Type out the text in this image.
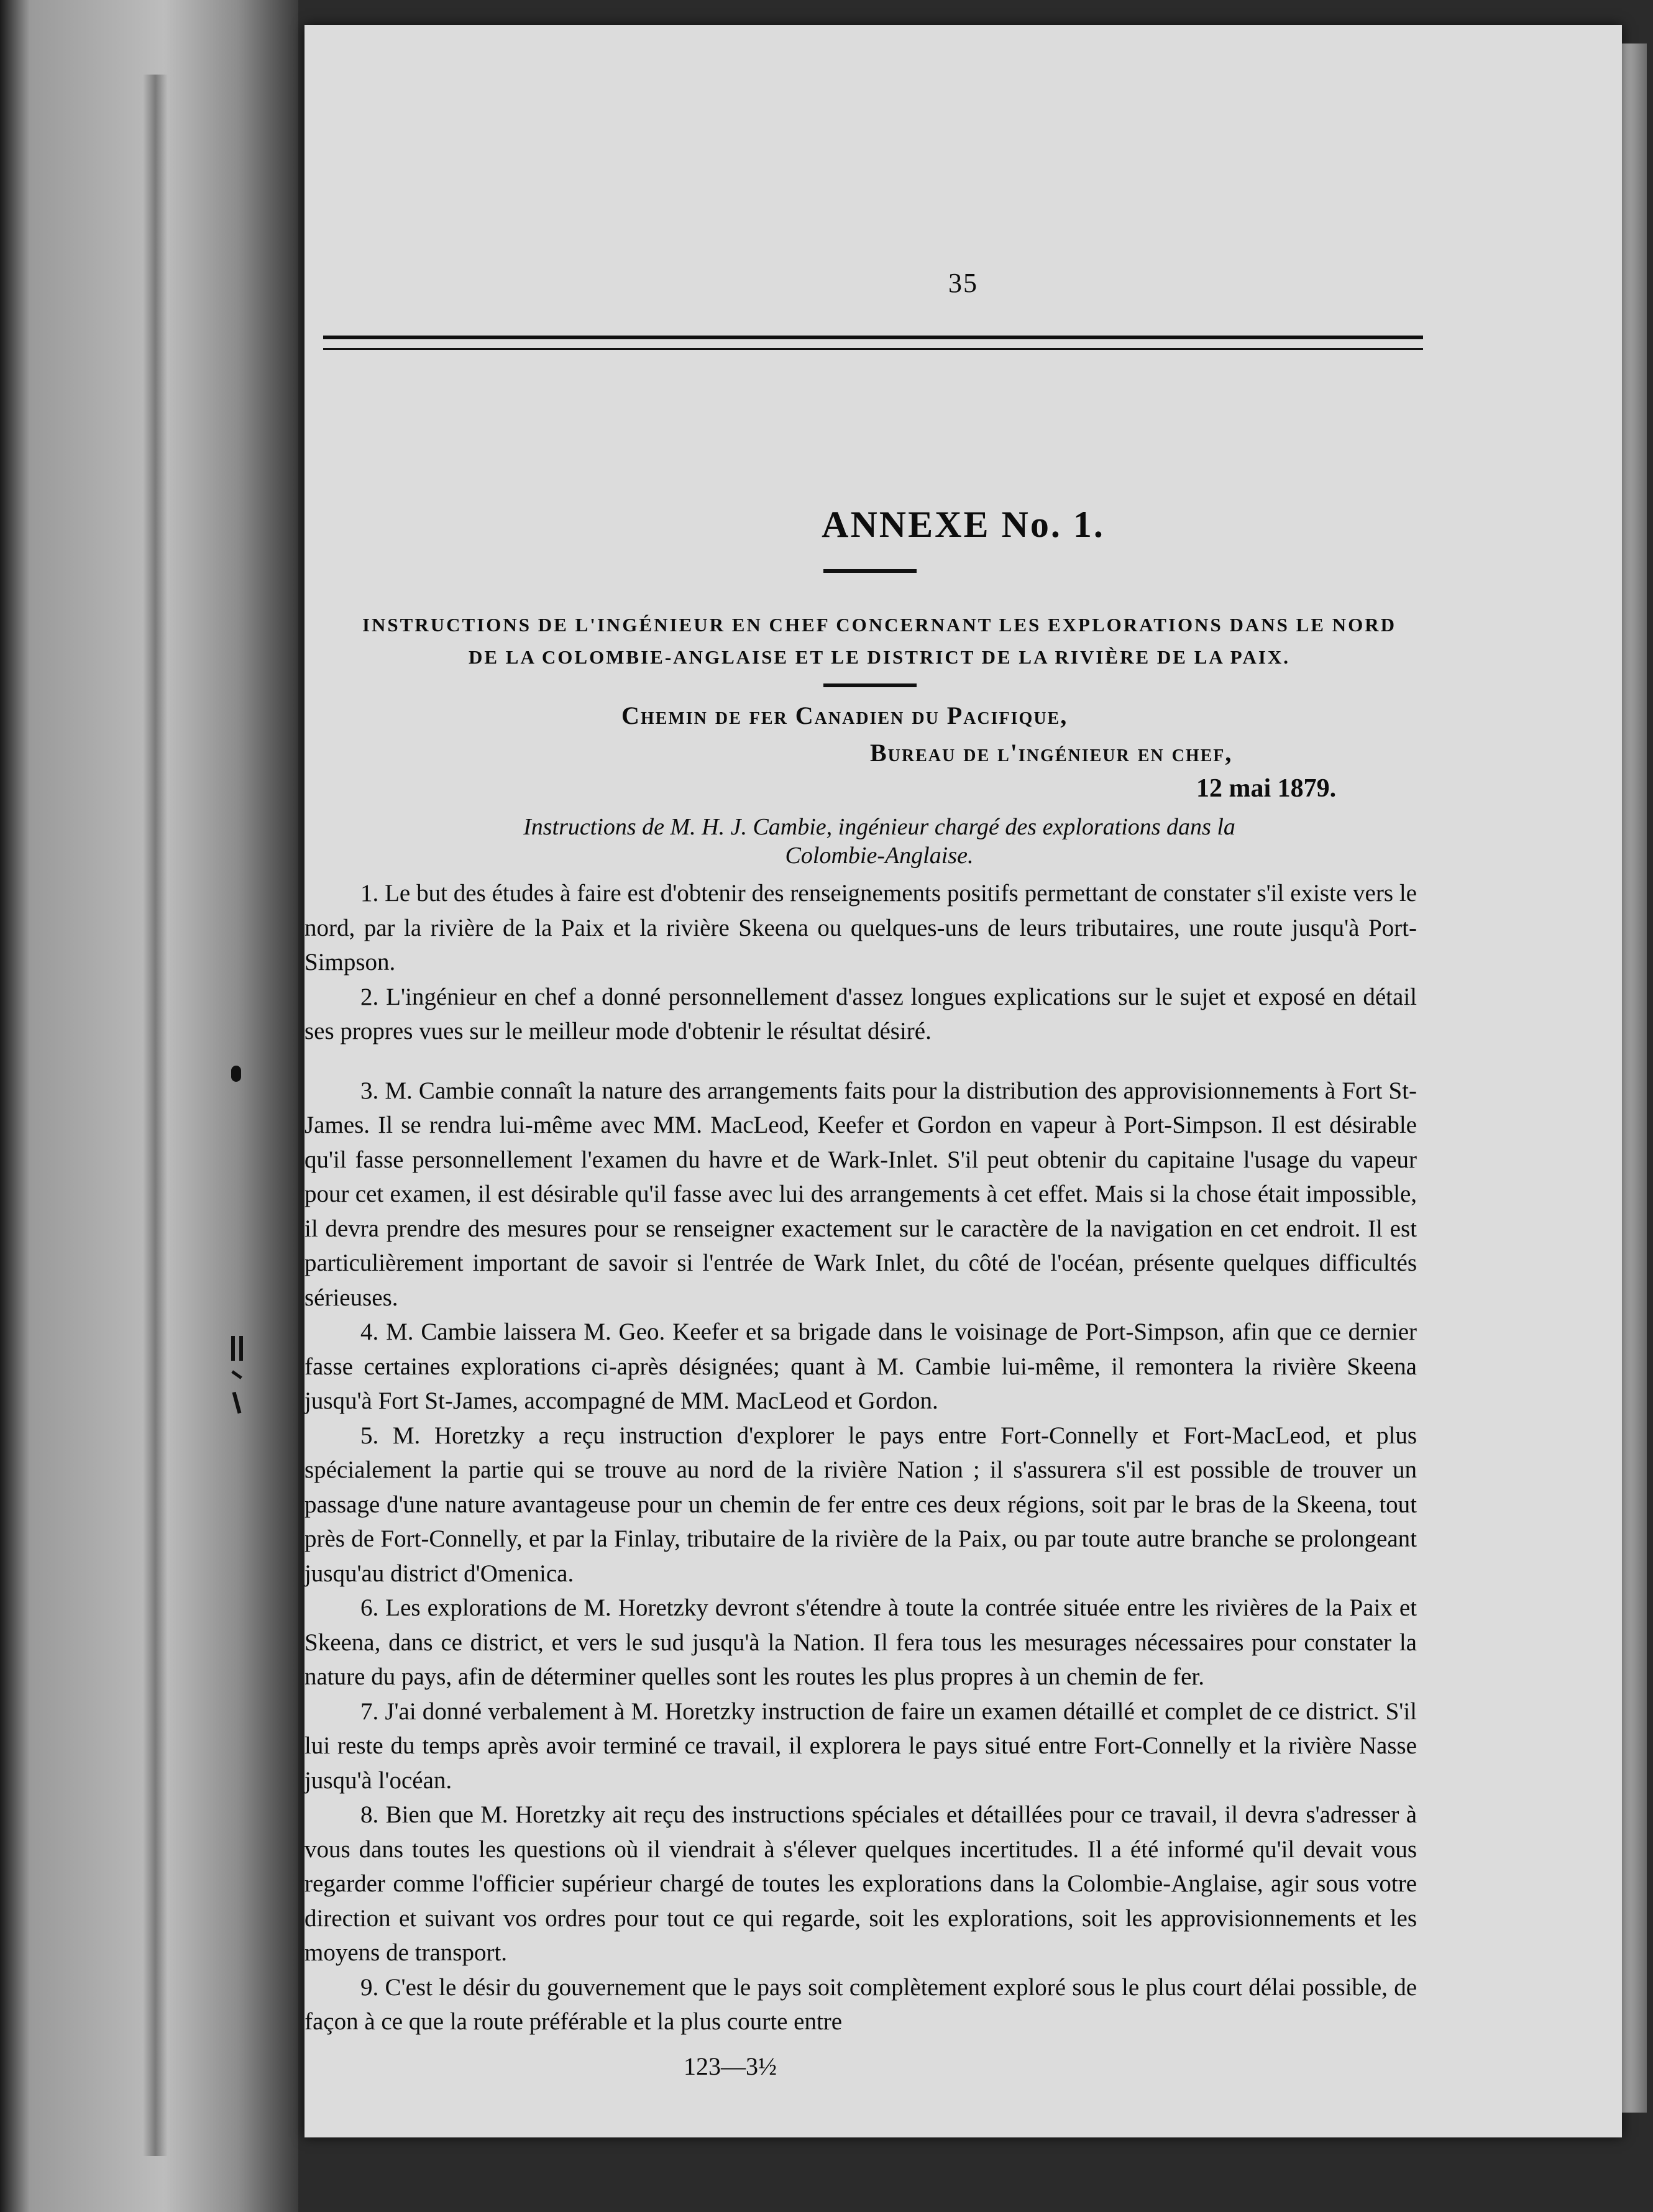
35
ANNEXE No. 1.
INSTRUCTIONS DE L'INGÉNIEUR EN CHEF CONCERNANT LES EXPLORATIONS DANS LE NORD
DE LA COLOMBIE-ANGLAISE ET LE DISTRICT DE LA RIVIÈRE DE LA PAIX.
Chemin de fer Canadien du Pacifique,
Bureau de l'ingénieur en chef,
12 mai 1879.
Instructions de M. H. J. Cambie, ingénieur chargé des explorations dans la
Colombie-Anglaise.

1. Le but des études à faire est d'obtenir des renseignements positifs permettant de constater s'il existe vers le nord, par la rivière de la Paix et la rivière Skeena ou quelques-uns de leurs tributaires, une route jusqu'à Port-Simpson.

2. L'ingénieur en chef a donné personnellement d'assez longues explications sur le sujet et exposé en détail ses propres vues sur le meilleur mode d'obtenir le résultat désiré.

3. M. Cambie connaît la nature des arrangements faits pour la distribution des approvisionnements à Fort St-James. Il se rendra lui-même avec MM. MacLeod, Keefer et Gordon en vapeur à Port-Simpson. Il est désirable qu'il fasse personnellement l'examen du havre et de Wark-Inlet. S'il peut obtenir du capitaine l'usage du vapeur pour cet examen, il est désirable qu'il fasse avec lui des arrangements à cet effet. Mais si la chose était impossible, il devra prendre des mesures pour se renseigner exactement sur le caractère de la navigation en cet endroit. Il est particulièrement important de savoir si l'entrée de Wark Inlet, du côté de l'océan, présente quelques difficultés sérieuses.

4. M. Cambie laissera M. Geo. Keefer et sa brigade dans le voisinage de Port-Simpson, afin que ce dernier fasse certaines explorations ci-après désignées; quant à M. Cambie lui-même, il remontera la rivière Skeena jusqu'à Fort St-James, accompagné de MM. MacLeod et Gordon.

5. M. Horetzky a reçu instruction d'explorer le pays entre Fort-Connelly et Fort-MacLeod, et plus spécialement la partie qui se trouve au nord de la rivière Nation ; il s'assurera s'il est possible de trouver un passage d'une nature avantageuse pour un chemin de fer entre ces deux régions, soit par le bras de la Skeena, tout près de Fort-Connelly, et par la Finlay, tributaire de la rivière de la Paix, ou par toute autre branche se prolongeant jusqu'au district d'Omenica.

6. Les explorations de M. Horetzky devront s'étendre à toute la contrée située entre les rivières de la Paix et Skeena, dans ce district, et vers le sud jusqu'à la Nation. Il fera tous les mesurages nécessaires pour constater la nature du pays, afin de déterminer quelles sont les routes les plus propres à un chemin de fer.

7. J'ai donné verbalement à M. Horetzky instruction de faire un examen détaillé et complet de ce district. S'il lui reste du temps après avoir terminé ce travail, il explorera le pays situé entre Fort-Connelly et la rivière Nasse jusqu'à l'océan.

8. Bien que M. Horetzky ait reçu des instructions spéciales et détaillées pour ce travail, il devra s'adresser à vous dans toutes les questions où il viendrait à s'élever quelques incertitudes. Il a été informé qu'il devait vous regarder comme l'officier supérieur chargé de toutes les explorations dans la Colombie-Anglaise, agir sous votre direction et suivant vos ordres pour tout ce qui regarde, soit les explorations, soit les approvisionnements et les moyens de transport.

9. C'est le désir du gouvernement que le pays soit complètement exploré sous le plus court délai possible, de façon à ce que la route préférable et la plus courte entre

123—3½
